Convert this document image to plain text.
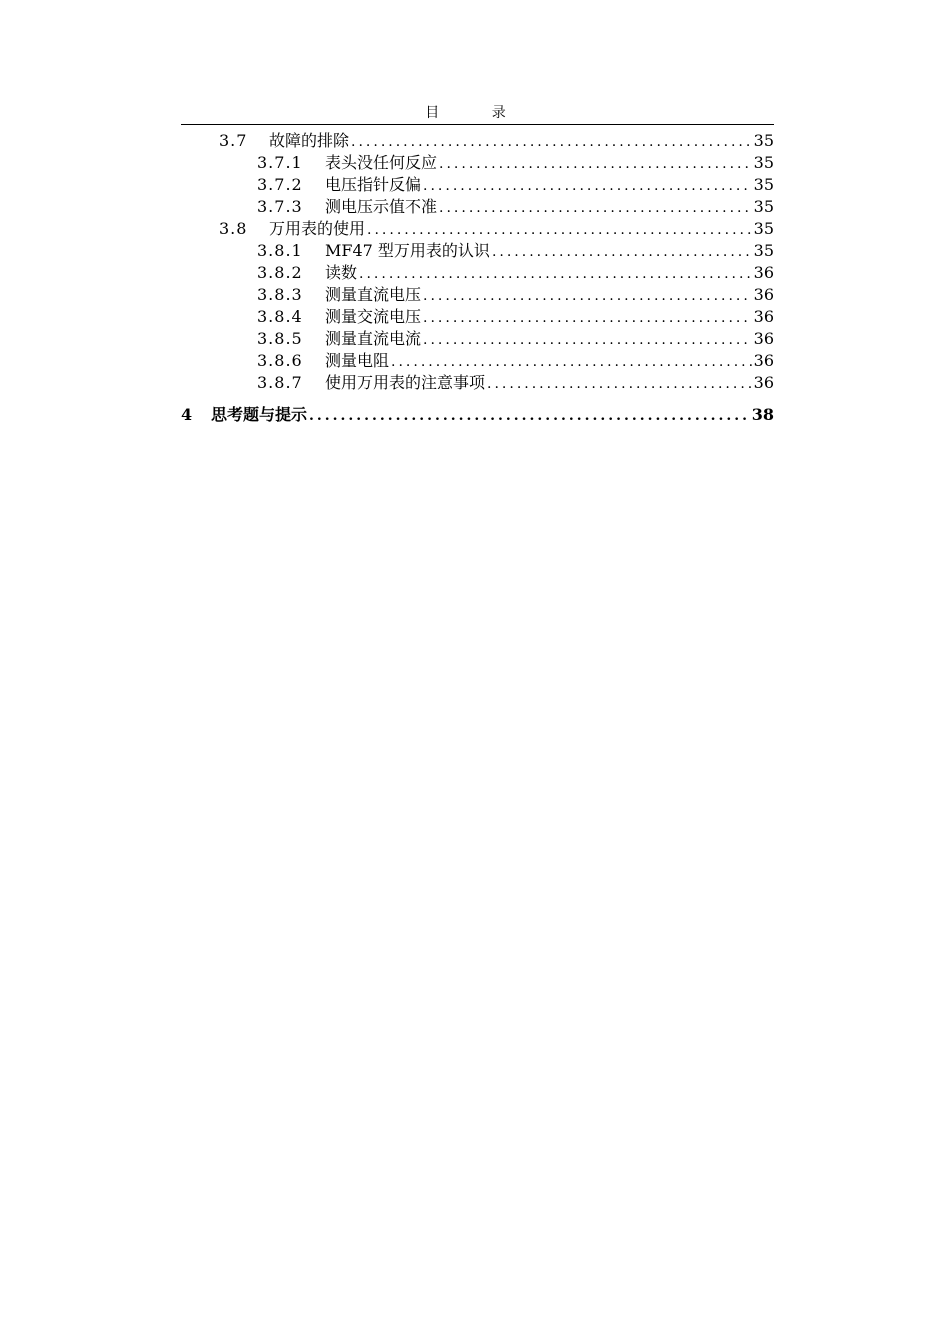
目 录
3.7	故障的排除 .....	35
3.7.1	表头没任何反应 .....	35
3.7.2	电压指针反偏 .....	35
3.7.3	测电压示值不准 .....	35
3.8	万用表的使用 .....	35
3.8.1	MF47 型万用表的认识 .....	35
3.8.2	读数 .....	36
3.8.3	测量直流电压 .....	36
3.8.4	测量交流电压 .....	36
3.8.5	测量直流电流 .....	36
3.8.6	测量电阻 .....	36
3.8.7	使用万用表的注意事项 .....	36
4	思考题与提示 .....	38
